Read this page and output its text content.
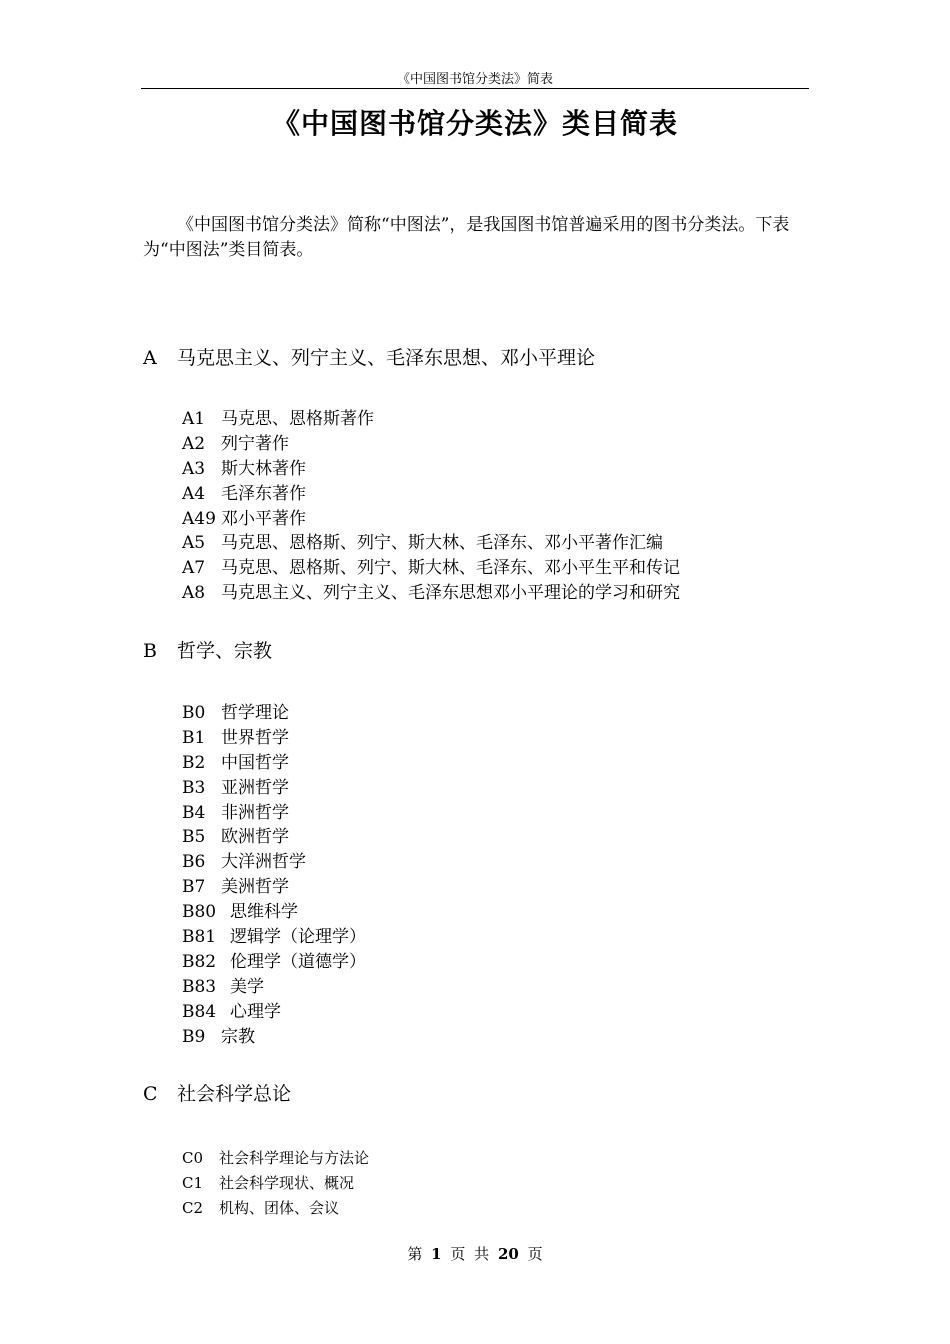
《中国图书馆分类法》简表
《中国图书馆分类法》类目简表

《中国图书馆分类法》简称“中图法”，是我国图书馆普遍采用的图书分类法。下表为“中图法”类目简表。

A 马克思主义、列宁主义、毛泽东思想、邓小平理论
A1 马克思、恩格斯著作
A2 列宁著作
A3 斯大林著作
A4 毛泽东著作
A49 邓小平著作
A5 马克思、恩格斯、列宁、斯大林、毛泽东、邓小平著作汇编
A7 马克思、恩格斯、列宁、斯大林、毛泽东、邓小平生平和传记
A8 马克思主义、列宁主义、毛泽东思想邓小平理论的学习和研究
B 哲学、宗教
B0 哲学理论
B1 世界哲学
B2 中国哲学
B3 亚洲哲学
B4 非洲哲学
B5 欧洲哲学
B6 大洋洲哲学
B7 美洲哲学
B80 思维科学
B81 逻辑学（论理学）
B82 伦理学（道德学）
B83 美学
B84 心理学
B9 宗教
C 社会科学总论
C0 社会科学理论与方法论
C1 社会科学现状、概况
C2 机构、团体、会议
第 1 页 共 20 页
